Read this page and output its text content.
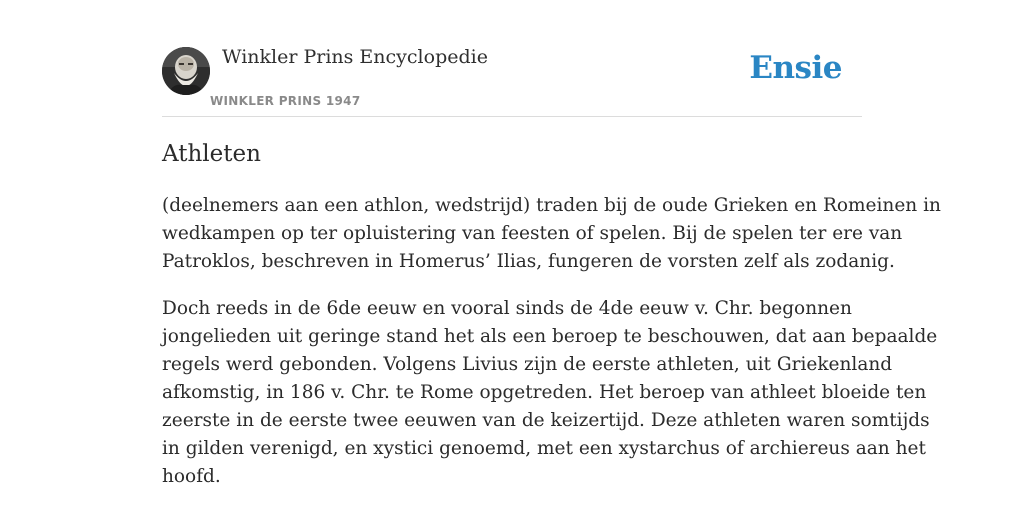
Winkler Prins Encyclopedie
WINKLER PRINS 1947
Ensie
Athleten

(deelnemers aan een athlon, wedstrijd) traden bij de oude Grieken en Romeinen in
wedkampen op ter opluistering van feesten of spelen. Bij de spelen ter ere van
Patroklos, beschreven in Homerus’ Ilias, fungeren de vorsten zelf als zodanig.

Doch reeds in de 6de eeuw en vooral sinds de 4de eeuw v. Chr. begonnen
jongelieden uit geringe stand het als een beroep te beschouwen, dat aan bepaalde
regels werd gebonden. Volgens Livius zijn de eerste athleten, uit Griekenland
afkomstig, in 186 v. Chr. te Rome opgetreden. Het beroep van athleet bloeide ten
zeerste in de eerste twee eeuwen van de keizertijd. Deze athleten waren somtijds
in gilden verenigd, en xystici genoemd, met een xystarchus of archiereus aan het
hoofd.
